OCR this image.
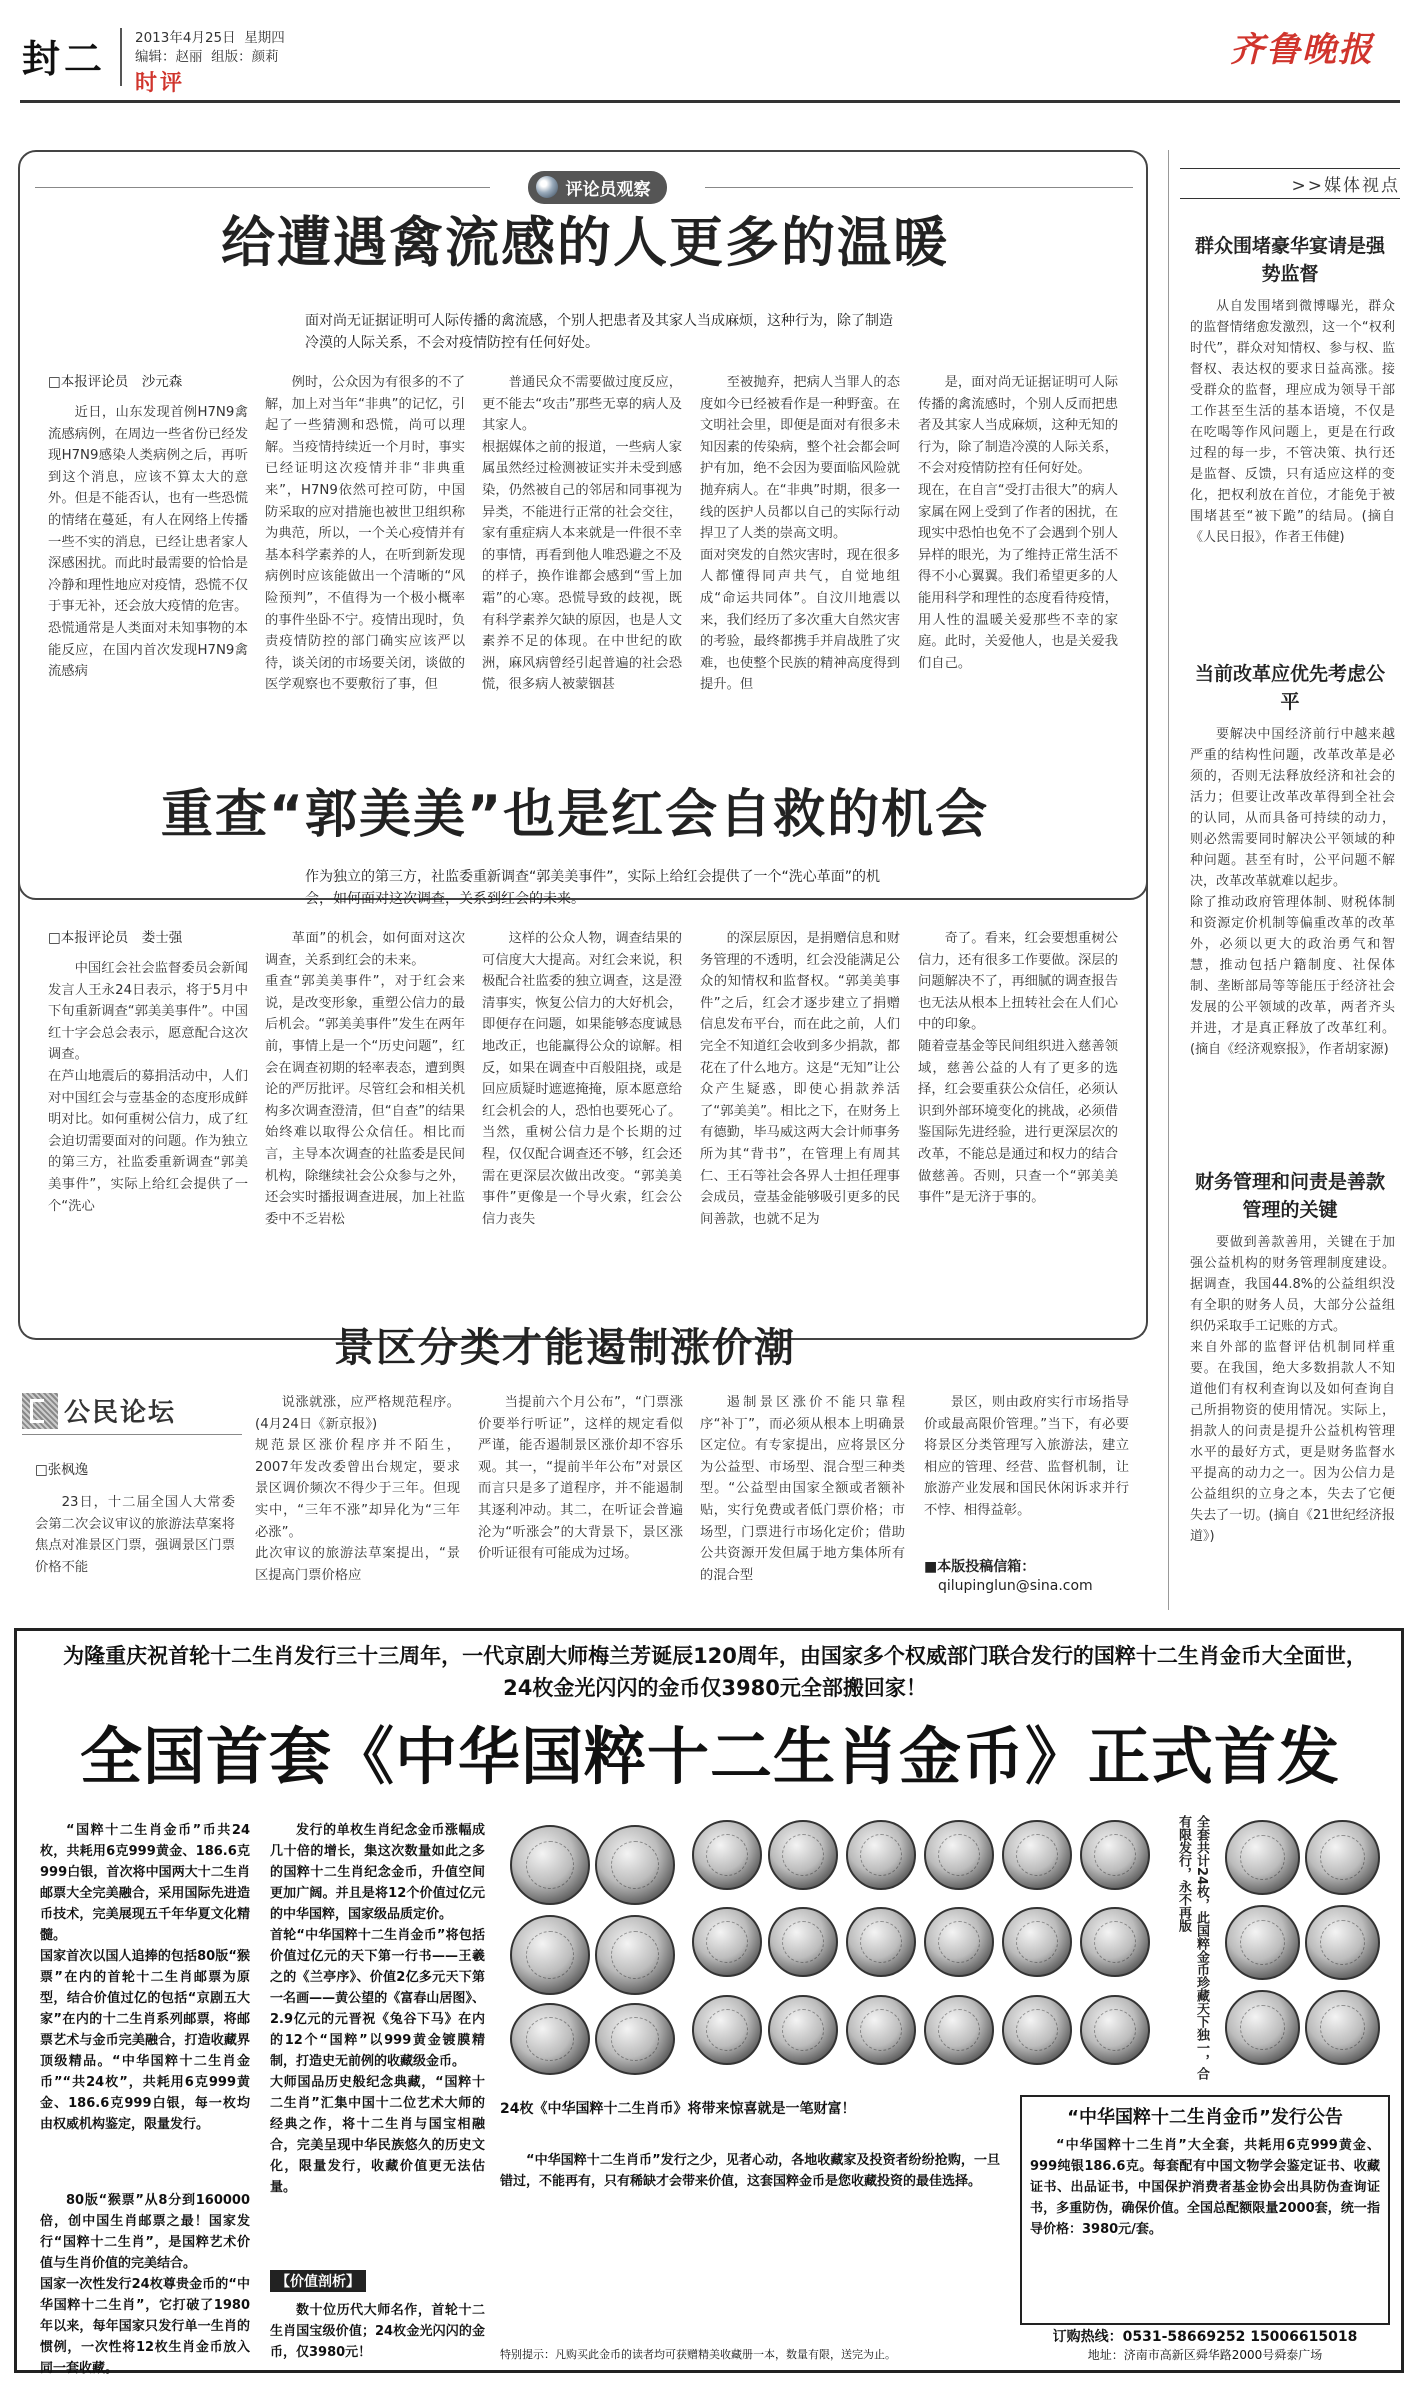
封二 2013年4月25日 星期四
编辑：赵丽 组版：颜莉
时评
齐鲁晚报
评论员观察
给遭遇禽流感的人更多的温暖
面对尚无证据证明可人际传播的禽流感，个别人把患者及其家人当成麻烦，这种行为，除了制造冷漠的人际关系，不会对疫情防控有任何好处。
□本报评论员　沙元森
近日，山东发现首例H7N9禽流感病例，在周边一些省份已经发现H7N9感染人类病例之后，再听到这个消息，应该不算太大的意外。但是不能否认，也有一些恐慌的情绪在蔓延，有人在网络上传播一些不实的消息，已经让患者家人深感困扰。而此时最需要的恰恰是冷静和理性地应对疫情，恐慌不仅于事无补，还会放大疫情的危害。
恐慌通常是人类面对未知事物的本能反应，在国内首次发现H7N9禽流感病
例时，公众因为有很多的不了解，加上对当年“非典”的记忆，引起了一些猜测和恐慌，尚可以理解。当疫情持续近一个月时，事实已经证明这次疫情并非“非典重来”，H7N9依然可控可防，中国防采取的应对措施也被世卫组织称为典范，所以，一个关心疫情并有基本科学素养的人，在听到新发现病例时应该能做出一个清晰的“风险预判”，不值得为一个极小概率的事件坐卧不宁。疫情出现时，负责疫情防控的部门确实应该严以待，谈关闭的市场要关闭，谈做的医学观察也不要敷衍了事，但
普通民众不需要做过度反应，更不能去“攻击”那些无辜的病人及其家人。
根据媒体之前的报道，一些病人家属虽然经过检测被证实并未受到感染，仍然被自己的邻居和同事视为异类，不能进行正常的社会交往，家有重症病人本来就是一件很不幸的事情，再看到他人唯恐避之不及的样子，换作谁都会感到“雪上加霜”的心寒。恐慌导致的歧视，既有科学素养欠缺的原因，也是人文素养不足的体现。在中世纪的欧洲，麻风病曾经引起普遍的社会恐慌，很多病人被蒙铟甚
至被抛弃，把病人当罪人的态度如今已经被看作是一种野蛮。在文明社会里，即便是面对有很多未知因素的传染病，整个社会都会呵护有加，绝不会因为要面临风险就抛弃病人。在“非典”时期，很多一线的医护人员都以自己的实际行动捍卫了人类的崇高文明。
面对突发的自然灾害时，现在很多人都懂得同声共气，自觉地组成“命运共同体”。自汶川地震以来，我们经历了多次重大自然灾害的考验，最终都携手并肩战胜了灾难，也使整个民族的精神高度得到提升。但
是，面对尚无证据证明可人际传播的禽流感时，个别人反而把患者及其家人当成麻烦，这种无知的行为，除了制造冷漠的人际关系，不会对疫情防控有任何好处。
现在，在自言“受打击很大”的病人家属在网上受到了作者的困扰，在现实中恐怕也免不了会遇到个别人异样的眼光，为了维持正常生活不得不小心翼翼。我们希望更多的人能用科学和理性的态度看待疫情，用人性的温暖关爱那些不幸的家庭。此时，关爱他人，也是关爱我们自己。
重查“郭美美”也是红会自救的机会
作为独立的第三方，社监委重新调查“郭美美事件”，实际上给红会提供了一个“洗心革面”的机会，如何面对这次调查，关系到红会的未来。
□本报评论员　娄士强
中国红会社会监督委员会新闻发言人王永24日表示，将于5月中下旬重新调查“郭美美事件”。中国红十字会总会表示，愿意配合这次调查。
在芦山地震后的募捐活动中，人们对中国红会与壹基金的态度形成鲜明对比。如何重树公信力，成了红会迫切需要面对的问题。作为独立的第三方，社监委重新调查“郭美美事件”，实际上给红会提供了一个“洗心
革面”的机会，如何面对这次调查，关系到红会的未来。
重查“郭美美事件”，对于红会来说，是改变形象，重塑公信力的最后机会。“郭美美事件”发生在两年前，事情上是一个“历史问题”，红会在调查初期的轻率表态，遭到舆论的严厉批评。尽管红会和相关机构多次调查澄清，但“自查”的结果始终难以取得公众信任。相比而言，主导本次调查的社监委是民间机构，除继续社会公众参与之外，还会实时播报调查进展，加上社监委中不乏岩松
这样的公众人物，调查结果的可信度大大提高。对红会来说，积极配合社监委的独立调查，这是澄清事实，恢复公信力的大好机会，即便存在问题，如果能够态度诚恳地改正，也能赢得公众的谅解。相反，如果在调查中百般阻挠，或是回应质疑时遮遮掩掩，原本愿意给红会机会的人，恐怕也要死心了。
当然，重树公信力是个长期的过程，仅仅配合调查还不够，红会还需在更深层次做出改变。“郭美美事件”更像是一个导火索，红会公信力丧失
的深层原因，是捐赠信息和财务管理的不透明，红会没能满足公众的知情权和监督权。“郭美美事件”之后，红会才逐步建立了捐赠信息发布平台，而在此之前，人们完全不知道红会收到多少捐款，都花在了什么地方。这是“无知”让公众产生疑惑，即使心捐款养活了“郭美美”。相比之下，在财务上有德勤，毕马威这两大会计师事务所为其“背书”，在管理上有周其仁、王石等社会各界人士担任理事会成员，壹基金能够吸引更多的民间善款，也就不足为
奇了。看来，红会要想重树公信力，还有很多工作要做。深层的问题解决不了，再细腻的调查报告也无法从根本上扭转社会在人们心中的印象。
随着壹基金等民间组织进入慈善领域，慈善公益的人有了更多的选择，红会要重获公众信任，必须认识到外部环境变化的挑战，必须借鉴国际先进经验，进行更深层次的改革，不能总是通过和权力的结合做慈善。否则，只查一个“郭美美事件”是无济于事的。
景区分类才能遏制涨价潮
公民论坛
□张枫逸
23日，十二届全国人大常委会第二次会议审议的旅游法草案将焦点对准景区门票，强调景区门票价格不能
说涨就涨，应严格规范程序。(4月24日《新京报》)
规范景区涨价程序并不陌生，2007年发改委曾出台规定，要求景区调价频次不得少于三年。但现实中，“三年不涨”却异化为“三年必涨”。
此次审议的旅游法草案提出，“景区提高门票价格应
当提前六个月公布”，“门票涨价要举行听证”，这样的规定看似严谨，能否遏制景区涨价却不容乐观。其一，“提前半年公布”对景区而言只是多了道程序，并不能遏制其逐利冲动。其二，在听证会普遍沦为“听涨会”的大背景下，景区涨价听证很有可能成为过场。
遏制景区涨价不能只靠程序“补丁”，而必须从根本上明确景区定位。有专家提出，应将景区分为公益型、市场型、混合型三种类型。“公益型由国家全额或者额补贴，实行免费或者低门票价格；市场型，门票进行市场化定价；借助公共资源开发但属于地方集体所有的混合型
景区，则由政府实行市场指导价或最高限价管理。”当下，有必要将景区分类管理写入旅游法，建立相应的管理、经营、监督机制，让旅游产业发展和国民休闲诉求并行不悖、相得益彰。
■本版投稿信箱：
qilupinglun@sina.com
>>媒体视点
群众围堵豪华宴请是强势监督
从自发围堵到微博曝光，群众的监督情绪愈发激烈，这一个“权利时代”，群众对知情权、参与权、监督权、表达权的要求日益高涨。接受群众的监督，理应成为领导干部工作甚至生活的基本语境，不仅是在吃喝等作风问题上，更是在行政过程的每一步，不管决策、执行还是监督、反馈，只有适应这样的变化，把权利放在首位，才能免于被围堵甚至“被下跪”的结局。(摘自《人民日报》，作者王伟健)
当前改革应优先考虑公平
要解决中国经济前行中越来越严重的结构性问题，改革改革是必须的，否则无法释放经济和社会的活力；但要让改革改革得到全社会的认同，从而具备可持续的动力，则必然需要同时解决公平领域的种种问题。甚至有时，公平问题不解决，改革改革就难以起步。
除了推动政府管理体制、财税体制和资源定价机制等偏重改革的改革外，必须以更大的政治勇气和智慧，推动包括户籍制度、社保体制、垄断部局等等能压于经济社会发展的公平领域的改革，两者齐头并进，才是真正释放了改革红利。(摘自《经济观察报》，作者胡家源)
财务管理和问责是善款管理的关键
要做到善款善用，关键在于加强公益机构的财务管理制度建设。据调查，我国44.8%的公益组织没有全职的财务人员，大部分公益组织仍采取手工记账的方式。
来自外部的监督评估机制同样重要。在我国，绝大多数捐款人不知道他们有权利查询以及如何查询自己所捐物资的使用情况。实际上，捐款人的问责是提升公益机构管理水平的最好方式，更是财务监督水平提高的动力之一。因为公信力是公益组织的立身之本，失去了它便失去了一切。(摘自《21世纪经济报道》)
为隆重庆祝首轮十二生肖发行三十三周年，一代京剧大师梅兰芳诞辰120周年，由国家多个权威部门联合发行的国粹十二生肖金币大全面世，24枚金光闪闪的金币仅3980元全部搬回家！
全国首套《中华国粹十二生肖金币》正式首发
“国粹十二生肖金币”币共24枚，共耗用6克999黄金、186.6克999白银，首次将中国两大十二生肖邮票大全完美融合，采用国际先进造币技术，完美展现五千年华夏文化精髓。
国家首次以国人追捧的包括80版“猴票”在内的首轮十二生肖邮票为原型，结合价值过亿的包括“京剧五大家”在内的十二生肖系列邮票，将邮票艺术与金币完美融合，打造收藏界顶级精品。“中华国粹十二生肖金币”“共24枚”，共耗用6克999黄金、186.6克999白银，每一枚均由权威机构鉴定，限量发行。
80版“猴票”从8分到160000倍，创中国生肖邮票之最！国家发行“国粹十二生肖”，是国粹艺术价值与生肖价值的完美结合。
国家一次性发行24枚尊贵金币的“中华国粹十二生肖”，它打破了1980年以来，每年国家只发行单一生肖的惯例，一次性将12枚生肖金币放入同一套收藏。
发行的单枚生肖纪念金币涨幅成几十倍的增长，集这次数量如此之多的国粹十二生肖纪念金币，升值空间更加广阔。并且是将12个价值过亿元的中华国粹，国家级品质定价。
首轮“中华国粹十二生肖金币”将包括价值过亿元的天下第一行书——王羲之的《兰亭序》、价值2亿多元天下第一名画——黄公望的《富春山居图》、2.9亿元的元晋祝《兔谷下马》在内的12个“国粹”以999黄金镀膜精制，打造史无前例的收藏级金币。
大师国品历史般纪念典藏，“国粹十二生肖”汇集中国十二位艺术大师的经典之作，将十二生肖与国宝相融合，完美呈现中华民族悠久的历史文化，限量发行，收藏价值更无法估量。
【价值剖析】
数十位历代大师名作，首轮十二生肖国宝级价值；24枚金光闪闪的金币，仅3980元！
全套共计24枚，此国粹金币珍藏天下独一，合有限发行，永不再版
24枚《中华国粹十二生肖币》将带来惊喜就是一笔财富！
“中华国粹十二生肖币”发行之少，见者心动，各地收藏家及投资者纷纷抢购，一旦错过，不能再有，只有稀缺才会带来价值，这套国粹金币是您收藏投资的最佳选择。
“中华国粹十二生肖金币”发行公告
“中华国粹十二生肖”大全套，共耗用6克999黄金、999纯银186.6克。每套配有中国文物学会鉴定证书、收藏证书、出品证书，中国保护消费者基金协会出具防伪查询证书，多重防伪，确保价值。全国总配额限量2000套，统一指导价格：3980元/套。
订购热线：0531-58669252 15006615018
地址：济南市高新区舜华路2000号舜泰广场
特别提示：凡购买此金币的读者均可获赠精美收藏册一本，数量有限，送完为止。
